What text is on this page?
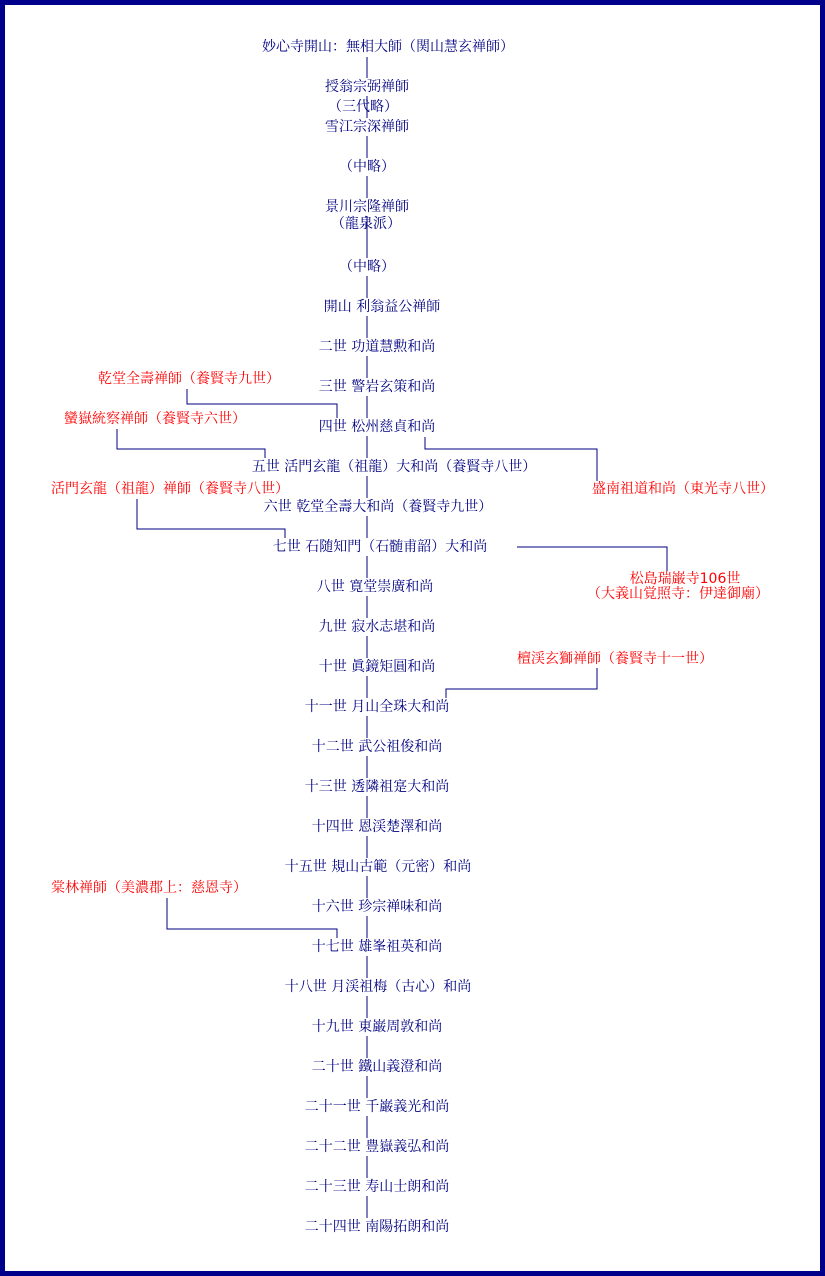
妙心寺開山：無相大師（関山慧玄禅師）
授翁宗弼禅師
（三代略）
雪江宗深禅師
（中略）
景川宗隆禅師
（龍泉派）
（中略）
開山 利翁益公禅師
二世 功道慧勲和尚
三世 警岩玄策和尚
四世 松州慈貞和尚
五世 活門玄龍（祖龍）大和尚（養賢寺八世）
六世 乾堂全壽大和尚（養賢寺九世）
七世 石随知門（石髄甫韶）大和尚
八世 寛堂崇廣和尚
九世 寂水志堪和尚
十世 眞鏡矩圓和尚
十一世 月山全珠大和尚
十二世 武公祖俊和尚
十三世 透隣祖寔大和尚
十四世 恩渓楚澤和尚
十五世 規山古範（元密）和尚
十六世 珍宗禅味和尚
十七世 雄峯祖英和尚
十八世 月渓祖梅（古心）和尚
十九世 東巌周敦和尚
二十世 鐵山義澄和尚
二十一世 千巌義光和尚
二十二世 豊嶽義弘和尚
二十三世 寿山士朗和尚
二十四世 南陽拓朗和尚
乾堂全壽禅師（養賢寺九世）
蠻嶽統察禅師（養賢寺六世）
活門玄龍（祖龍）禅師（養賢寺八世）	盛南祖道和尚（東光寺八世）
松島瑞巌寺106世
（大義山覚照寺：伊達御廟）
檀渓玄獅禅師（養賢寺十一世）
棠林禅師（美濃郡上：慈恩寺）
